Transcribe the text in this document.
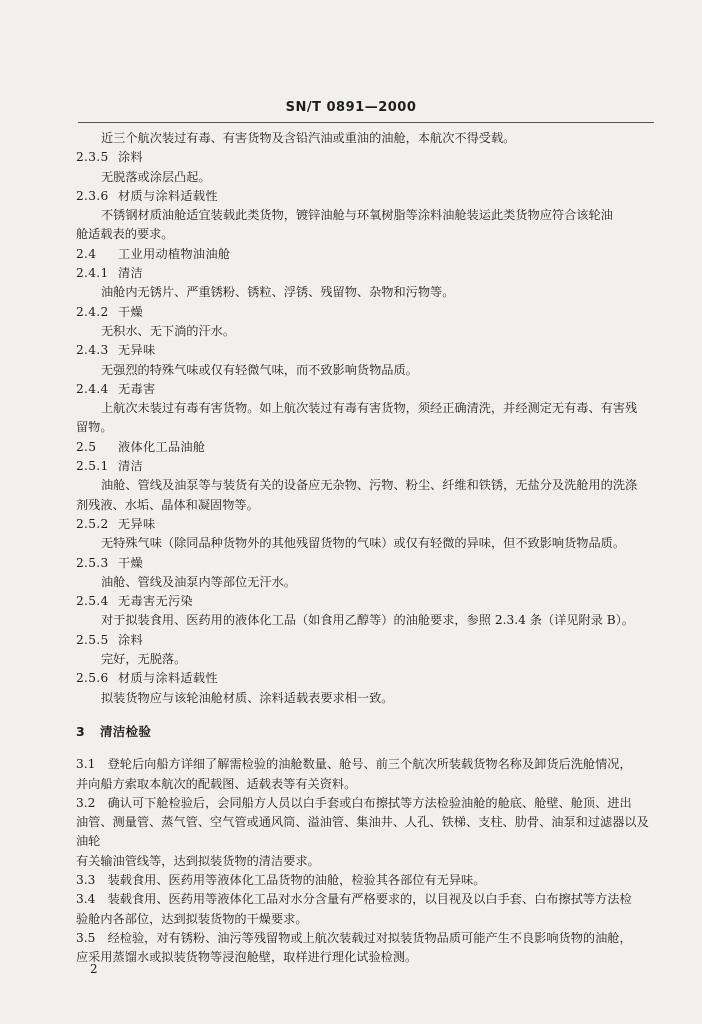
SN/T 0891—2000

近三个航次装过有毒、有害货物及含铅汽油或重油的油舱，本航次不得受载。

2.3.5 涂料

无脱落或涂层凸起。

2.3.6 材质与涂料适载性

不锈钢材质油舱适宜装载此类货物，镀锌油舱与环氧树脂等涂料油舱装运此类货物应符合该轮油

舱适载表的要求。

2.4 工业用动植物油油舱

2.4.1 清洁

油舱内无锈片、严重锈粉、锈粒、浮锈、残留物、杂物和污物等。

2.4.2 干燥

无积水、无下淌的汗水。

2.4.3 无异味

无强烈的特殊气味或仅有轻微气味，而不致影响货物品质。

2.4.4 无毒害

上航次未装过有毒有害货物。如上航次装过有毒有害货物，须经正确清洗，并经测定无有毒、有害残

留物。

2.5 液体化工品油舱

2.5.1 清洁

油舱、管线及油泵等与装货有关的设备应无杂物、污物、粉尘、纤维和铁锈，无盐分及洗舱用的洗涤

剂残液、水垢、晶体和凝固物等。

2.5.2 无异味

无特殊气味（除同品种货物外的其他残留货物的气味）或仅有轻微的异味，但不致影响货物品质。

2.5.3 干燥

油舱、管线及油泵内等部位无汗水。

2.5.4 无毒害无污染

对于拟装食用、医药用的液体化工品（如食用乙醇等）的油舱要求，参照 2.3.4 条（详见附录 B）。

2.5.5 涂料

完好，无脱落。

2.5.6 材质与涂料适载性

拟装货物应与该轮油舱材质、涂料适载表要求相一致。

3 清洁检验

3.1　登轮后向船方详细了解需检验的油舱数量、舱号、前三个航次所装载货物名称及卸货后洗舱情况，

并向船方索取本航次的配载图、适载表等有关资料。

3.2　确认可下舱检验后，会同船方人员以白手套或白布擦拭等方法检验油舱的舱底、舱壁、舱顶、进出

油管、测量管、蒸气管、空气管或通风筒、溢油管、集油井、人孔、铁梯、支柱、肋骨、油泵和过滤器以及油轮

有关输油管线等，达到拟装货物的清洁要求。

3.3　装载食用、医药用等液体化工品货物的油舱，检验其各部位有无异味。

3.4　装载食用、医药用等液体化工品对水分含量有严格要求的，以目视及以白手套、白布擦拭等方法检

验舱内各部位，达到拟装货物的干燥要求。

3.5　经检验，对有锈粉、油污等残留物或上航次装载过对拟装货物品质可能产生不良影响货物的油舱，

应采用蒸馏水或拟装货物等浸泡舱壁，取样进行理化试验检测。

2
